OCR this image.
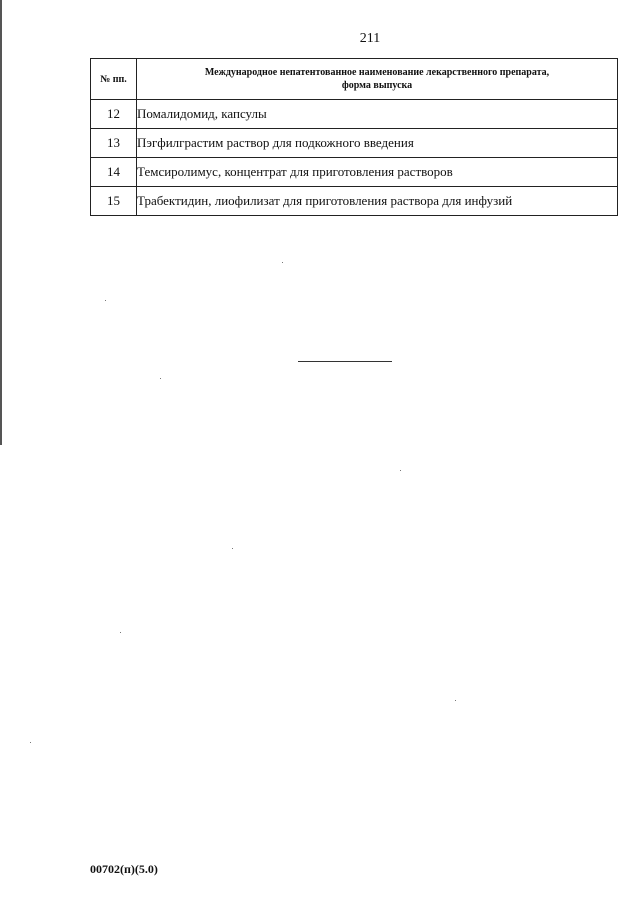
211
№ пп.	Международное непатентованное наименование лекарственного препарата,
форма выпуска
12	Помалидомид, капсулы
13	Пэгфилграстим раствор для подкожного введения
14	Темсиролимус, концентрат для приготовления растворов
15	Трабектидин, лиофилизат для приготовления раствора для инфузий
00702(п)(5.0)
